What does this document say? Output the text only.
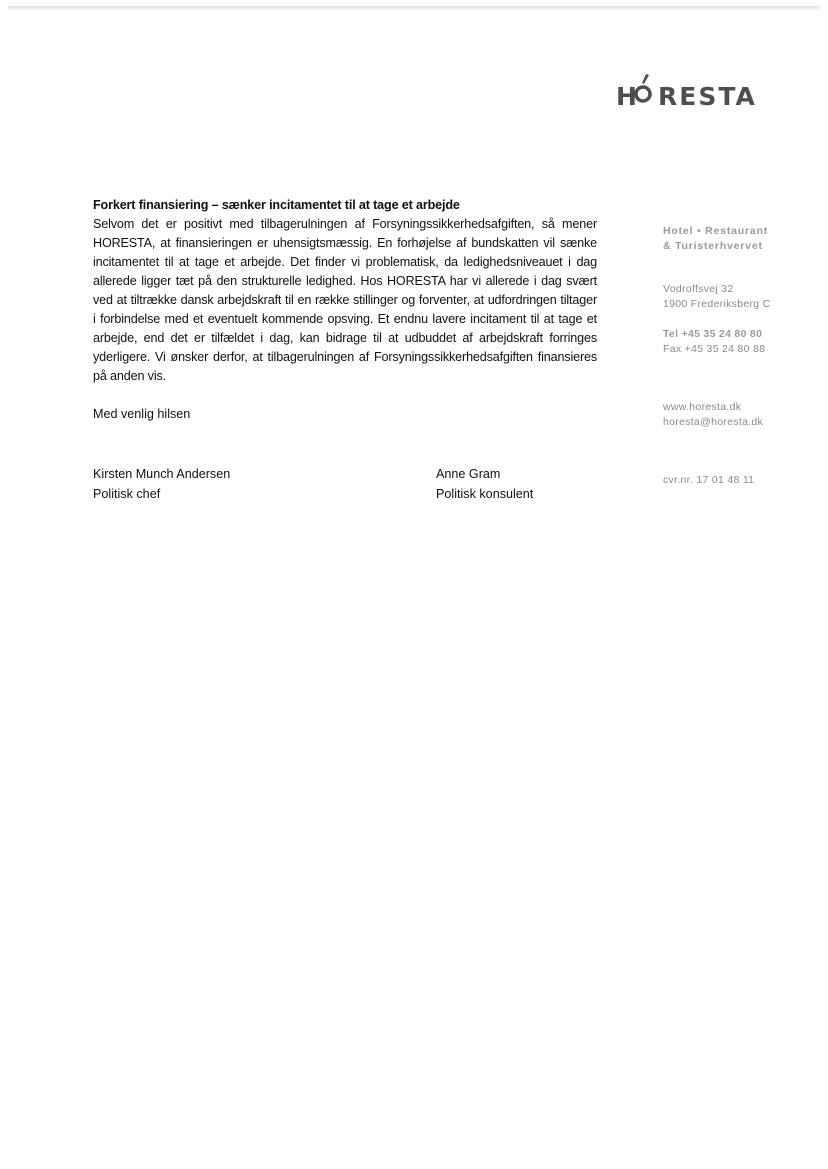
H RESTA

Forkert finansiering – sænker incitamentet til at tage et arbejde

Selvom det er positivt med tilbagerulningen af Forsyningssikkerhedsafgiften, så mener HORESTA, at finansieringen er uhensigtsmæssig. En forhøjelse af bundskatten vil sænke incitamentet til at tage et arbejde. Det finder vi problematisk, da ledighedsniveauet i dag allerede ligger tæt på den strukturelle ledighed. Hos HORESTA har vi allerede i dag svært ved at tiltrække dansk arbejdskraft til en række stillinger og forventer, at udfordringen tiltager i forbindelse med et eventuelt kommende opsving. Et endnu lavere incitament til at tage et arbejde, end det er tilfældet i dag, kan bidrage til at udbuddet af arbejdskraft forringes yderligere. Vi ønsker derfor, at tilbagerulningen af Forsyningssikkerhedsafgiften finansieres på anden vis.

Med venlig hilsen
Kirsten Munch Andersen
Politisk chef
Anne Gram
Politisk konsulent
Hotel • Restaurant
& Turisterhvervet
Vodroffsvej 32
1900 Frederiksberg C
Tel +45 35 24 80 80
Fax +45 35 24 80 88
www.horesta.dk
horesta@horesta.dk
cvr.nr. 17 01 48 11
